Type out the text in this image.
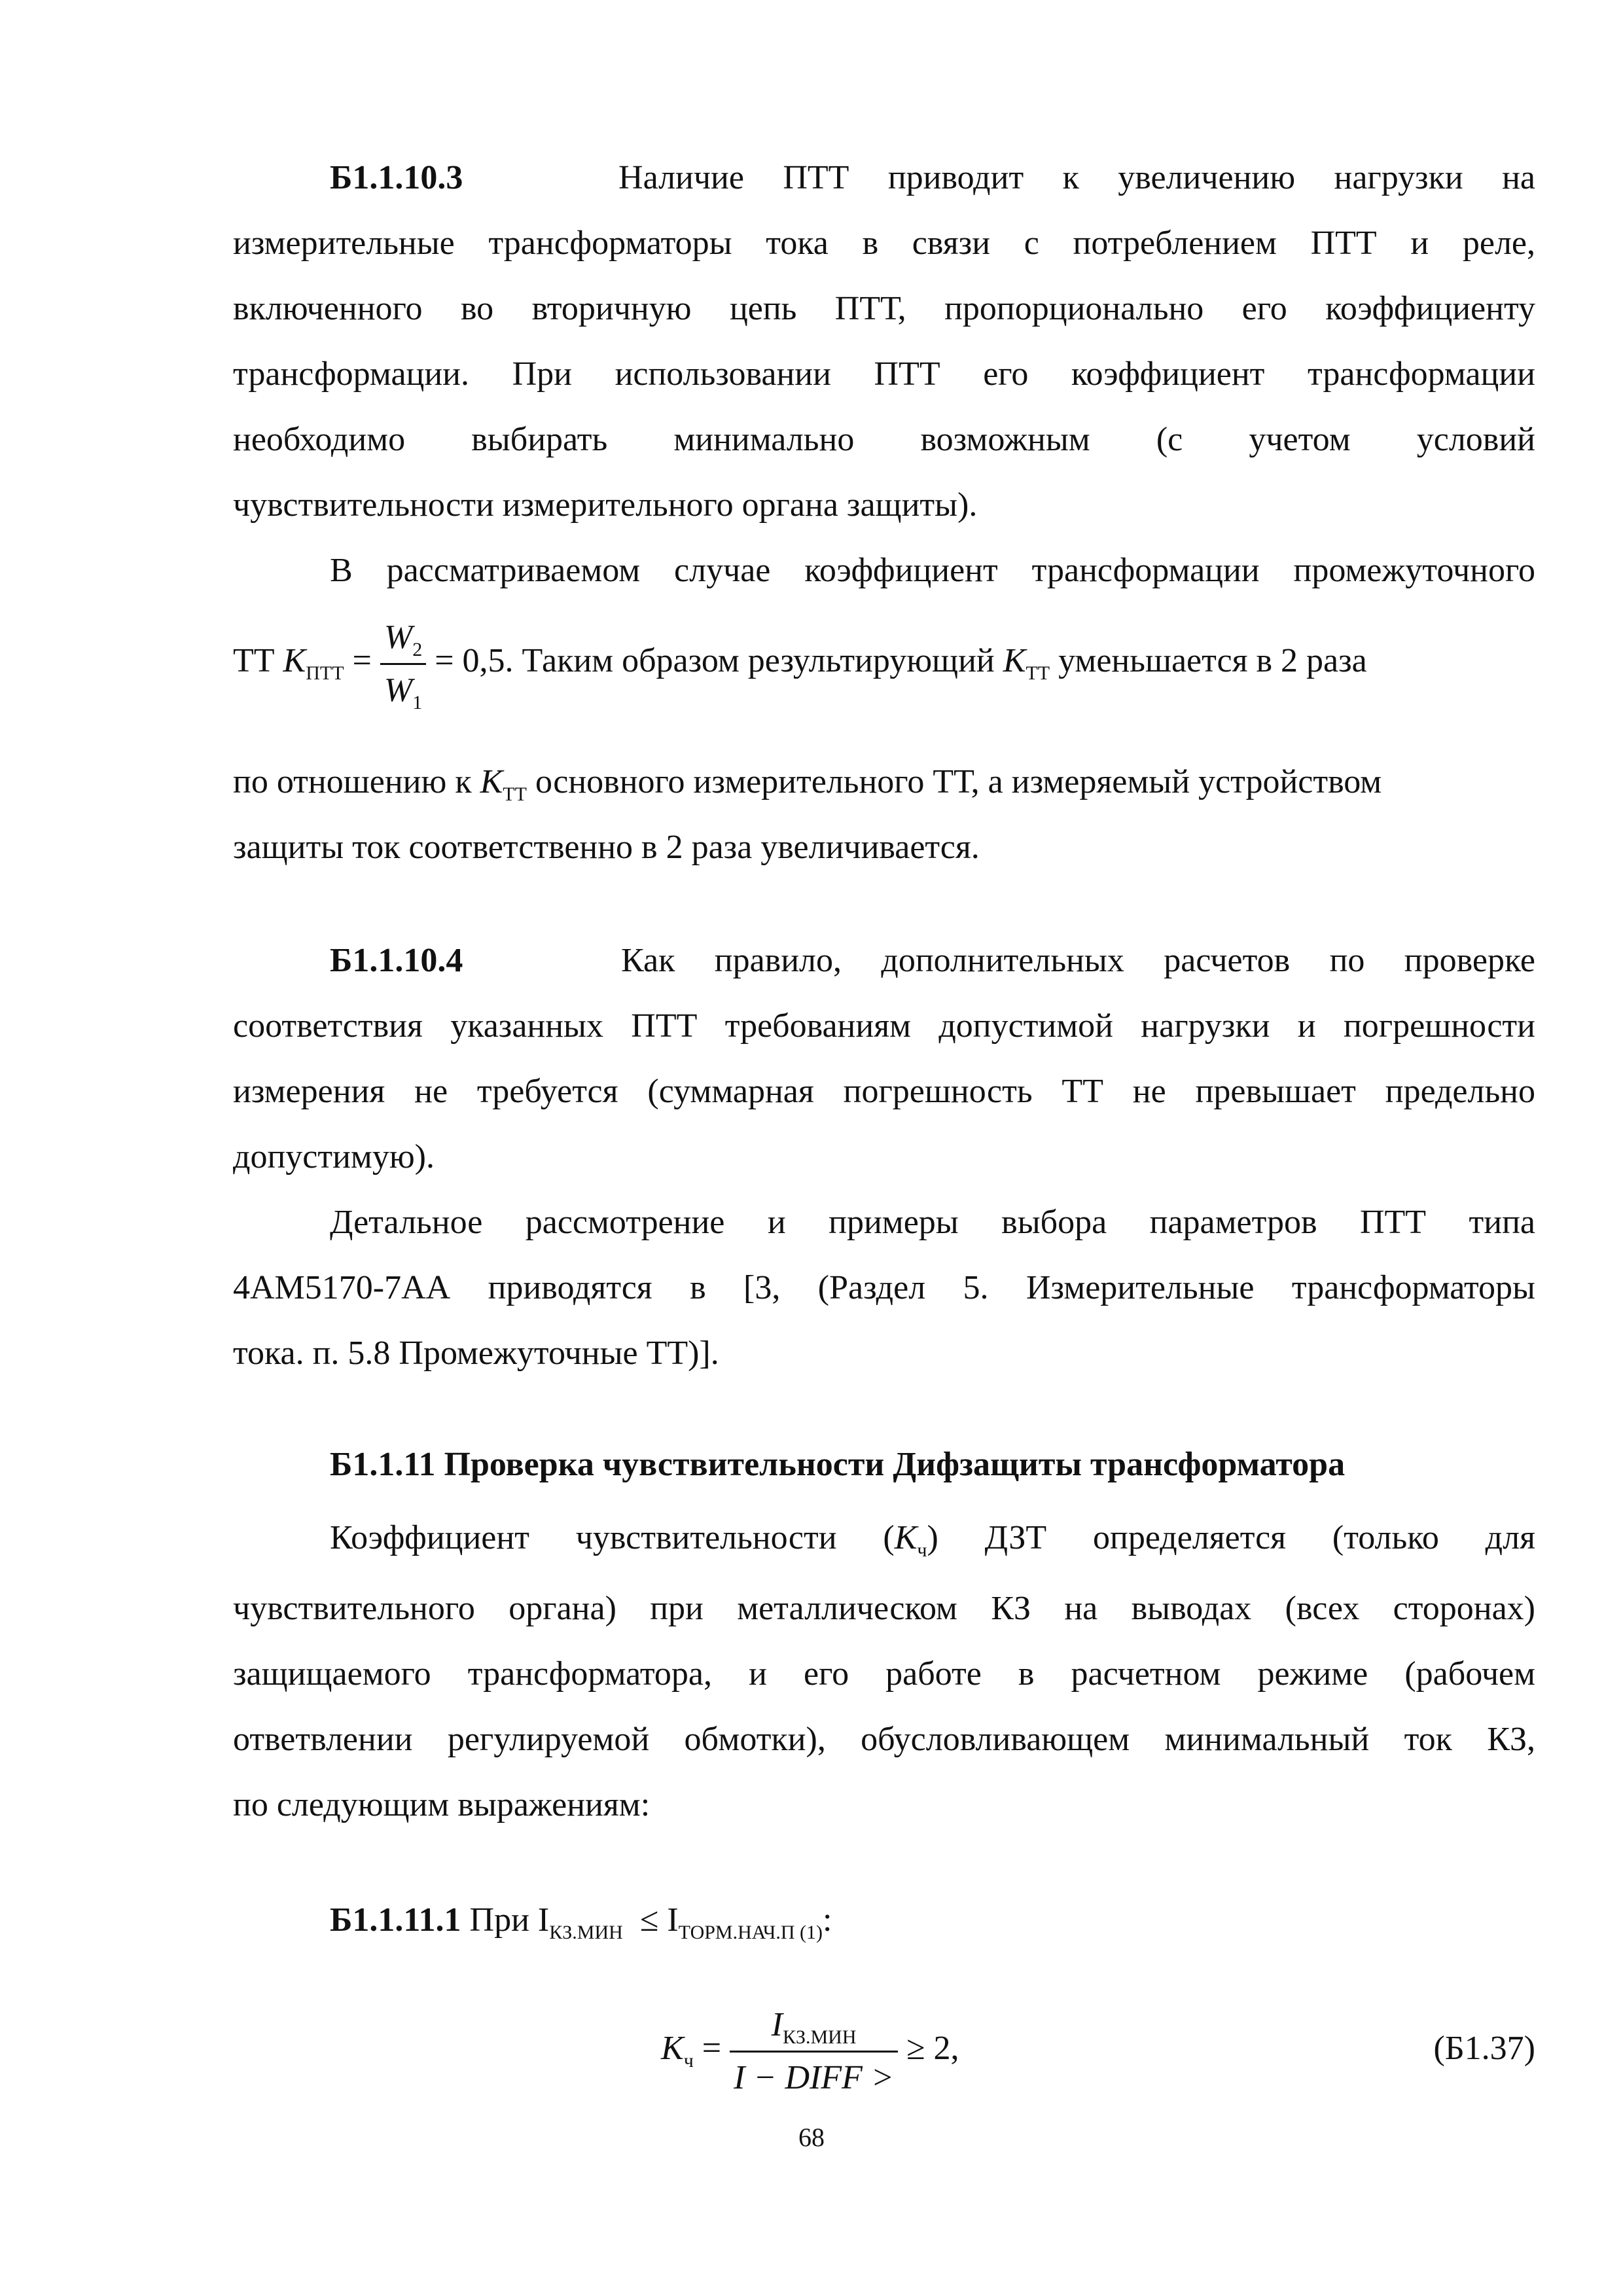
Б1.1.10.3	Наличие ПТТ приводит к увеличению нагрузки на
измерительные трансформаторы тока в связи с потреблением ПТТ и реле,
включенного во вторичную цепь ПТТ, пропорционально его коэффициенту
трансформации. При использовании ПТТ его коэффициент трансформации
необходимо выбирать минимально возможным (с учетом условий
чувствительности измерительного органа защиты).
В рассматриваемом случае коэффициент трансформации промежуточного
ТТ $K_{ПТТ} = \frac{W_2}{W_1} = 0,5$. Таким образом результирующий $K_{ТТ}$ уменьшается в 2 раза
по отношению к $K_{ТТ}$ основного измерительного ТТ, а измеряемый устройством
защиты ток соответственно в 2 раза увеличивается.
Б1.1.10.4	Как правило, дополнительных расчетов по проверке
соответствия указанных ПТТ требованиям допустимой нагрузки и погрешности
измерения не требуется (суммарная погрешность ТТ не превышает предельно
допустимую).
Детальное рассмотрение и примеры выбора параметров ПТТ типа
4АМ5170-7АА приводятся в [3, (Раздел 5. Измерительные трансформаторы
тока. п. 5.8 Промежуточные ТТ)].
Б1.1.11 Проверка чувствительности Дифзащиты трансформатора
Коэффициент чувствительности $(K_ч)$ ДЗТ определяется (только для
чувствительного органа) при металлическом КЗ на выводах (всех сторонах)
защищаемого трансформатора, и его работе в расчетном режиме (рабочем
ответвлении регулируемой обмотки), обусловливающем минимальный ток КЗ,
по следующим выражениям:
Б1.1.11.1 При $I_{КЗ.МИН} \le I_{ТОРМ.НАЧ.П (1)}$:
$K_ч = \frac{I_{КЗ.МИН}}{\text{I − DIFF >}} \ge 2$,	(Б1.37)
68
